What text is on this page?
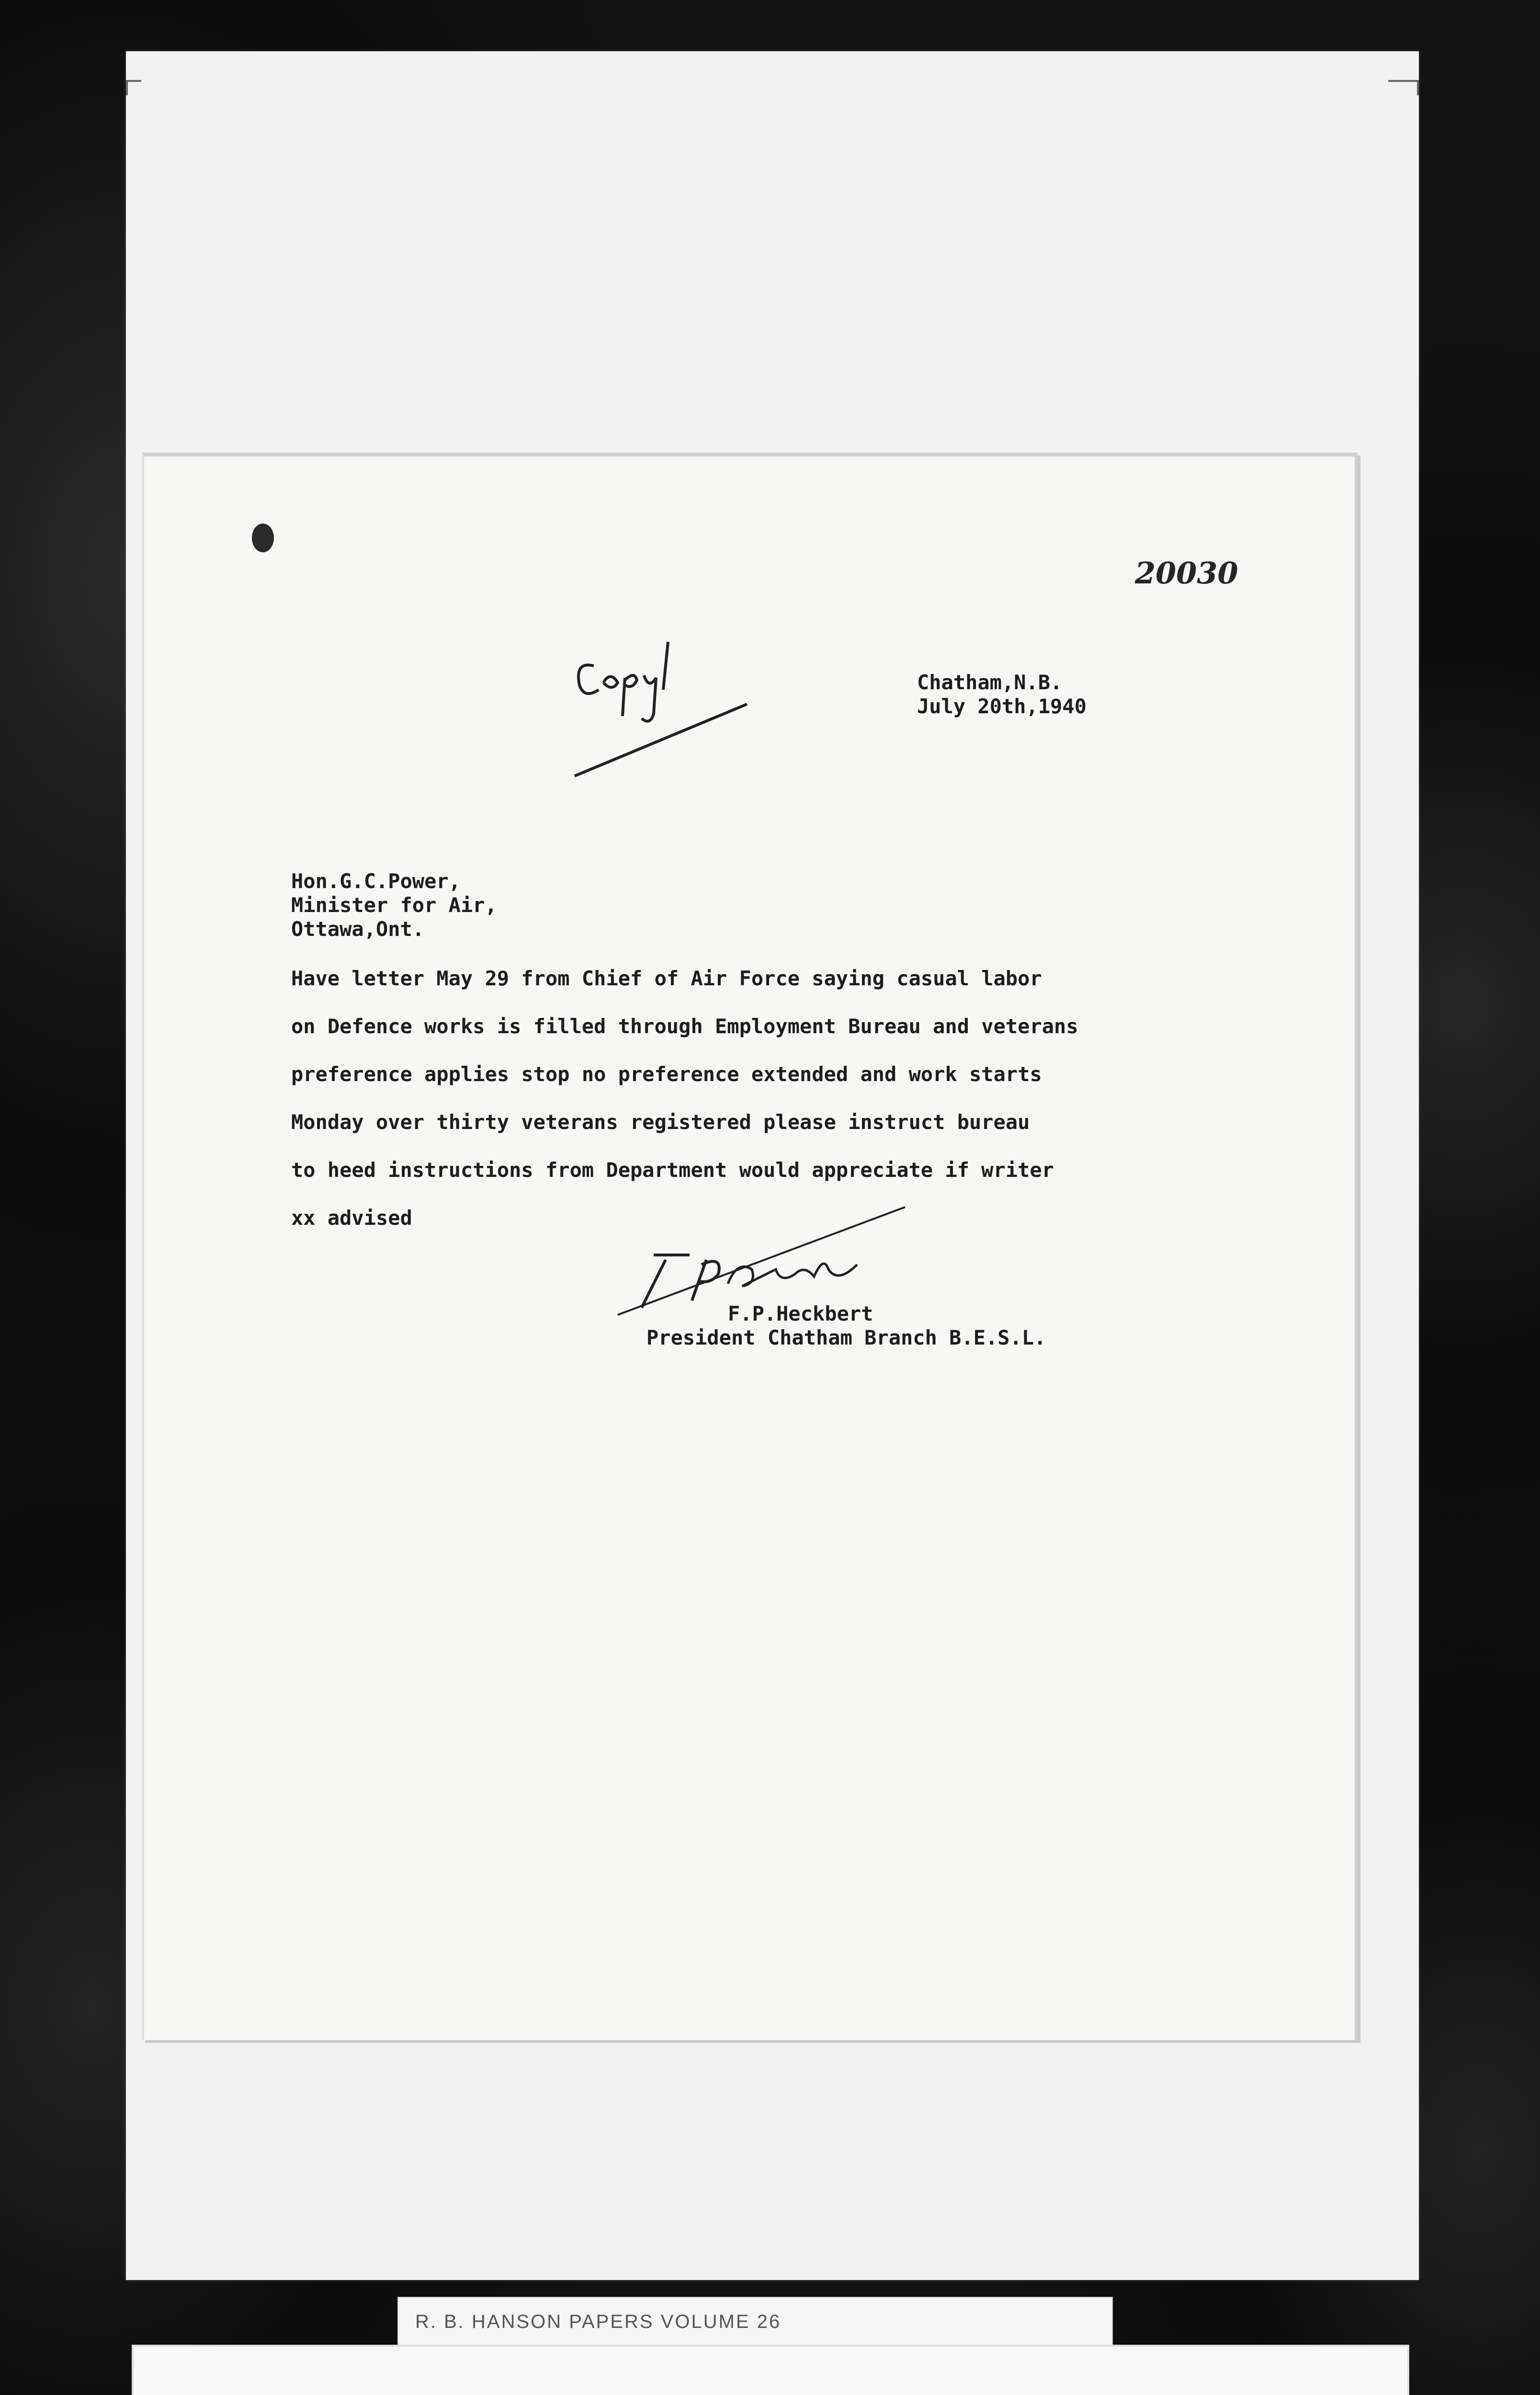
20030
Chatham,N.B.
July 20th,1940
Hon.G.C.Power,
Minister for Air,
Ottawa,Ont.
Have letter May 29 from Chief of Air Force saying casual labor
on Defence works is filled through Employment Bureau and veterans
preference applies stop no preference extended and work starts
Monday over thirty veterans registered please instruct bureau
to heed instructions from Department would appreciate if writer
xx advised
F.P.Heckbert
President Chatham Branch B.E.S.L.
R. B. HANSON PAPERS VOLUME 26
